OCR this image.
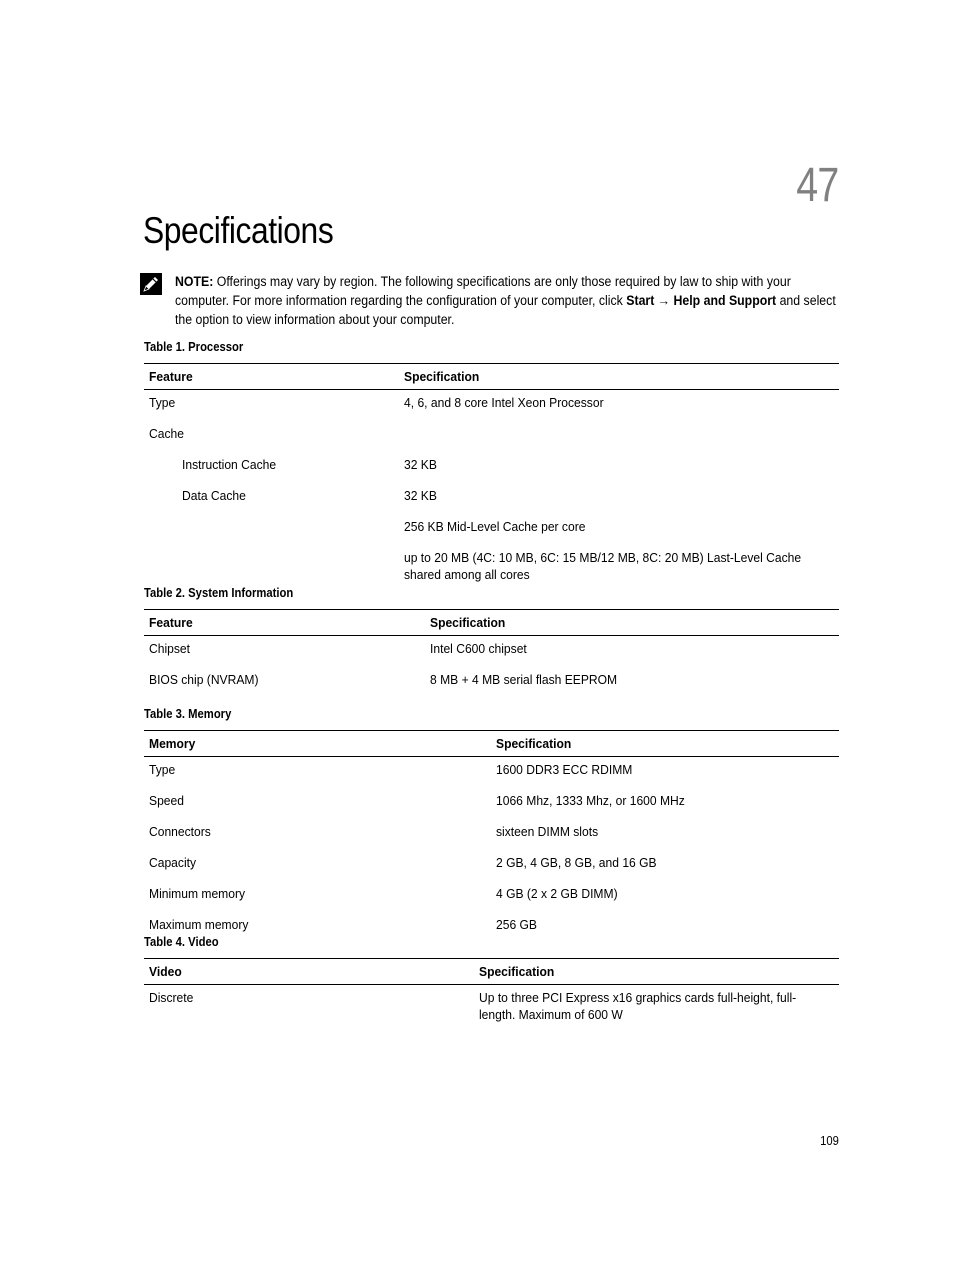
47
Specifications
NOTE: Offerings may vary by region. The following specifications are only those required by law to ship with your computer. For more information regarding the configuration of your computer, click Start → Help and Support and select the option to view information about your computer.
Table 1. Processor
Feature	Specification
Type	4, 6, and 8 core Intel Xeon Processor
Cache	
Instruction Cache	32 KB
Data Cache	32 KB
	256 KB Mid-Level Cache per core
	up to 20 MB (4C: 10 MB, 6C: 15 MB/12 MB, 8C: 20 MB) Last-Level Cache shared among all cores
Table 2. System Information
Feature	Specification
Chipset	Intel C600 chipset
BIOS chip (NVRAM)	8 MB + 4 MB serial flash EEPROM
Table 3. Memory
Memory	Specification
Type	1600 DDR3 ECC RDIMM
Speed	1066 Mhz, 1333 Mhz, or 1600 MHz
Connectors	sixteen DIMM slots
Capacity	2 GB, 4 GB, 8 GB, and 16 GB
Minimum memory	4 GB (2 x 2 GB DIMM)
Maximum memory	256 GB
Table 4. Video
Video	Specification
Discrete	Up to three PCI Express x16 graphics cards full-height, full-length. Maximum of 600 W
109
